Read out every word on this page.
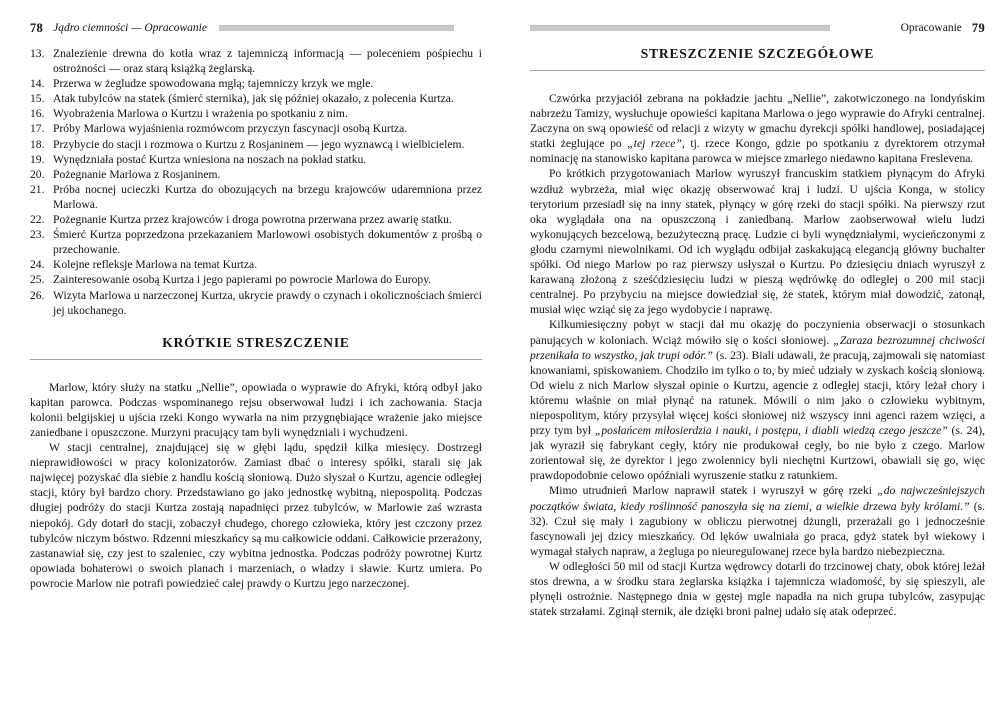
78 Jądro ciemności — Opracowanie
13. Znalezienie drewna do kotła wraz z tajemniczą informacją — poleceniem pośpiechu i ostrożności — oraz starą książką żeglarską.
14. Przerwa w żegludze spowodowana mgłą; tajemniczy krzyk we mgle.
15. Atak tubylców na statek (śmierć sternika), jak się później okazało, z polecenia Kurtza.
16. Wyobrażenia Marlowa o Kurtzu i wrażenia po spotkaniu z nim.
17. Próby Marlowa wyjaśnienia rozmówcom przyczyn fascynacji osobą Kurtza.
18. Przybycie do stacji i rozmowa o Kurtzu z Rosjaninem — jego wyznawcą i wielbicielem.
19. Wynędzniała postać Kurtza wniesiona na noszach na pokład statku.
20. Pożegnanie Marlowa z Rosjaninem.
21. Próba nocnej ucieczki Kurtza do obozujących na brzegu krajowców udaremniona przez Marlowa.
22. Pożegnanie Kurtza przez krajowców i droga powrotna przerwana przez awarię statku.
23. Śmierć Kurtza poprzedzona przekazaniem Marlowowi osobistych dokumentów z prośbą o przechowanie.
24. Kolejne refleksje Marlowa na temat Kurtza.
25. Zainteresowanie osobą Kurtza i jego papierami po powrocie Marlowa do Europy.
26. Wizyta Marlowa u narzeczonej Kurtza, ukrycie prawdy o czynach i okolicznościach śmierci jej ukochanego.
KRÓTKIE STRESZCZENIE

Marlow, który służy na statku „Nellie”, opowiada o wyprawie do Afryki, którą odbył jako kapitan parowca. Podczas wspominanego rejsu obserwował ludzi i ich zachowania. Stacja kolonii belgijskiej u ujścia rzeki Kongo wywarła na nim przygnębiające wrażenie jako miejsce zaniedbane i opuszczone. Murzyni pracujący tam byli wynędzniali i wychudzeni.

W stacji centralnej, znajdującej się w głębi lądu, spędził kilka miesięcy. Dostrzegł nieprawidłowości w pracy kolonizatorów. Zamiast dbać o interesy spółki, starali się jak najwięcej pozyskać dla siebie z handlu kością słoniową. Dużo słyszał o Kurtzu, agencie odległej stacji, który był bardzo chory. Przedstawiano go jako jednostkę wybitną, niepospolitą. Podczas długiej podróży do stacji Kurtza zostają napadnięci przez tubylców, w Marlowie zaś wzrasta niepokój. Gdy dotarł do stacji, zobaczył chudego, chorego człowieka, który jest czczony przez tubylców niczym bóstwo. Rdzenni mieszkańcy są mu całkowicie oddani. Całkowicie przerażony, zastanawiał się, czy jest to szaleniec, czy wybitna jednostka. Podczas podróży powrotnej Kurtz opowiada bohaterowi o swoich planach i marzeniach, o władzy i sławie. Kurtz umiera. Po powrocie Marlow nie potrafi powiedzieć całej prawdy o Kurtzu jego narzeczonej.

Opracowanie 79
STRESZCZENIE SZCZEGÓŁOWE

Czwórka przyjaciół zebrana na pokładzie jachtu „Nellie”, zakotwiczonego na londyńskim nabrzeżu Tamizy, wysłuchuje opowieści kapitana Marlowa o jego wyprawie do Afryki centralnej. Zaczyna on swą opowieść od relacji z wizyty w gmachu dyrekcji spółki handlowej, posiadającej statki żeglujące po „tej rzece”, tj. rzece Kongo, gdzie po spotkaniu z dyrektorem otrzymał nominację na stanowisko kapitana parowca w miejsce zmarłego niedawno kapitana Freslevena.

Po krótkich przygotowaniach Marlow wyruszył francuskim statkiem płynącym do Afryki wzdłuż wybrzeża, miał więc okazję obserwować kraj i ludzi. U ujścia Konga, w stolicy terytorium przesiadł się na inny statek, płynący w górę rzeki do stacji spółki. Na pierwszy rzut oka wyglądała ona na opuszczoną i zaniedbaną. Marlow zaobserwował wielu ludzi wykonujących bezcelową, bezużyteczną pracę. Ludzie ci byli wynędzniałymi, wycieńczonymi z głodu czarnymi niewolnikami. Od ich wyglądu odbijał zaskakującą elegancją główny buchalter spółki. Od niego Marlow po raz pierwszy usłyszał o Kurtzu. Po dziesięciu dniach wyruszył z karawaną złożoną z sześćdziesięciu ludzi w pieszą wędrówkę do odległej o 200 mil stacji centralnej. Po przybyciu na miejsce dowiedział się, że statek, którym miał dowodzić, zatonął, musiał więc wziąć się za jego wydobycie i naprawę.

Kilkumiesięczny pobyt w stacji dał mu okazję do poczynienia obserwacji o stosunkach panujących w koloniach. Wciąż mówiło się o kości słoniowej. „Zaraza bezrozumnej chciwości przenikała to wszystko, jak trupi odór.” (s. 23). Biali udawali, że pracują, zajmowali się natomiast knowaniami, spiskowaniem. Chodziło im tylko o to, by mieć udziały w zyskach kością słoniową. Od wielu z nich Marlow słyszał opinie o Kurtzu, agencie z odległej stacji, który leżał chory i któremu właśnie on miał płynąć na ratunek. Mówili o nim jako o człowieku wybitnym, niepospolitym, który przysyłał więcej kości słoniowej niż wszyscy inni agenci razem wzięci, a przy tym był „posłańcem miłosierdzia i nauki, i postępu, i diabli wiedzą czego jeszcze” (s. 24), jak wyraził się fabrykant cegły, który nie produkował cegły, bo nie było z czego. Marlow zorientował się, że dyrektor i jego zwolennicy byli niechętni Kurtzowi, obawiali się go, więc prawdopodobnie celowo opóźniali wyruszenie statku z ratunkiem.

Mimo utrudnień Marlow naprawił statek i wyruszył w górę rzeki „do najwcześniejszych początków świata, kiedy roślinność panoszyła się na ziemi, a wielkie drzewa były królami.” (s. 32). Czuł się mały i zagubiony w obliczu pierwotnej dżungli, przerażali go i jednocześnie fascynowali jej dzicy mieszkańcy. Od lęków uwalniała go praca, gdyż statek był wiekowy i wymagał stałych napraw, a żegluga po nieuregulowanej rzece była bardzo niebezpieczna.

W odległości 50 mil od stacji Kurtza wędrowcy dotarli do trzcinowej chaty, obok której leżał stos drewna, a w środku stara żeglarska książka i tajemnicza wiadomość, by się spieszyli, ale płynęli ostrożnie. Następnego dnia w gęstej mgle napadła na nich grupa tubylców, zasypując statek strzałami. Zginął sternik, ale dzięki broni palnej udało się atak odeprzeć.
